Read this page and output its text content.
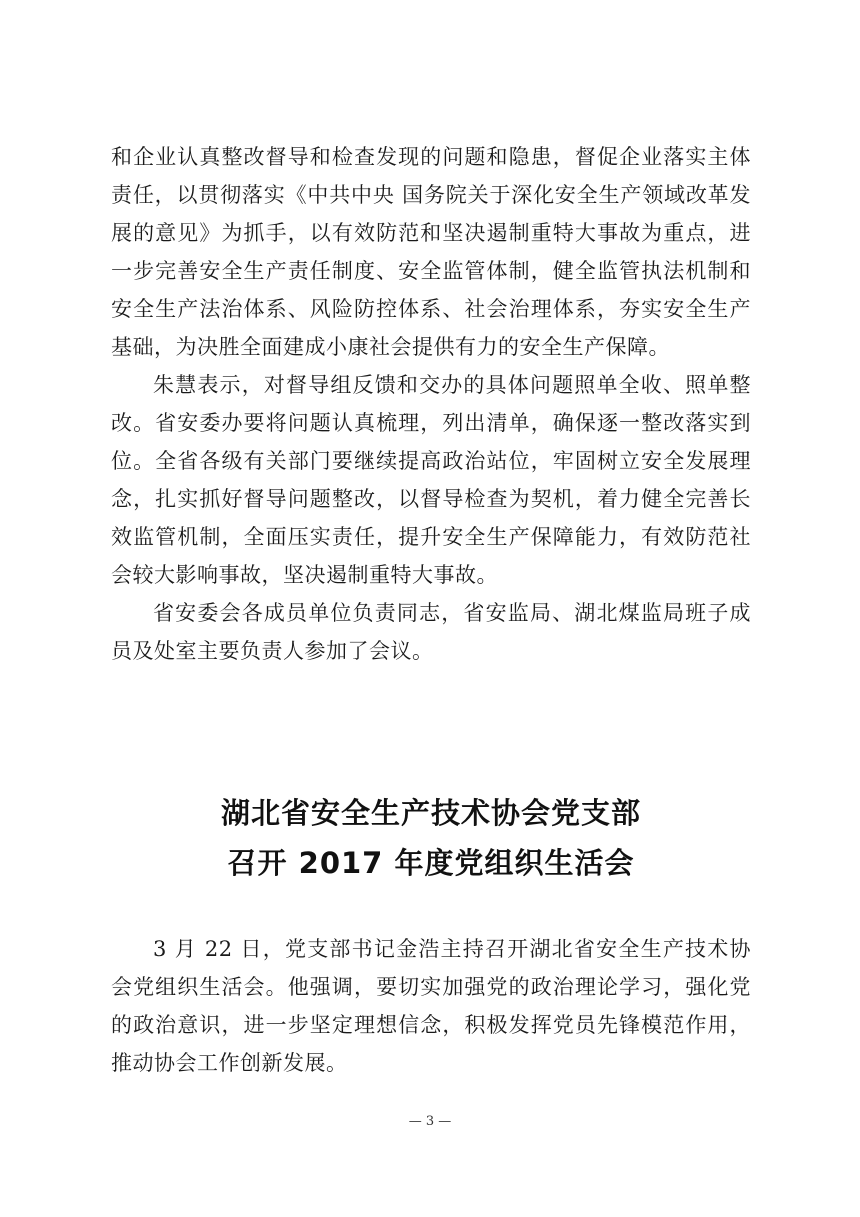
和企业认真整改督导和检查发现的问题和隐患，督促企业落实主体责任，以贯彻落实《中共中央 国务院关于深化安全生产领域改革发展的意见》为抓手，以有效防范和坚决遏制重特大事故为重点，进一步完善安全生产责任制度、安全监管体制，健全监管执法机制和安全生产法治体系、风险防控体系、社会治理体系，夯实安全生产基础，为决胜全面建成小康社会提供有力的安全生产保障。

朱慧表示，对督导组反馈和交办的具体问题照单全收、照单整改。省安委办要将问题认真梳理，列出清单，确保逐一整改落实到位。全省各级有关部门要继续提高政治站位，牢固树立安全发展理念，扎实抓好督导问题整改，以督导检查为契机，着力健全完善长效监管机制，全面压实责任，提升安全生产保障能力，有效防范社会较大影响事故，坚决遏制重特大事故。

省安委会各成员单位负责同志，省安监局、湖北煤监局班子成员及处室主要负责人参加了会议。

湖北省安全生产技术协会党支部
召开 2017 年度党组织生活会

3 月 22 日，党支部书记金浩主持召开湖北省安全生产技术协会党组织生活会。他强调，要切实加强党的政治理论学习，强化党的政治意识，进一步坚定理想信念，积极发挥党员先锋模范作用，推动协会工作创新发展。

— 3 —
